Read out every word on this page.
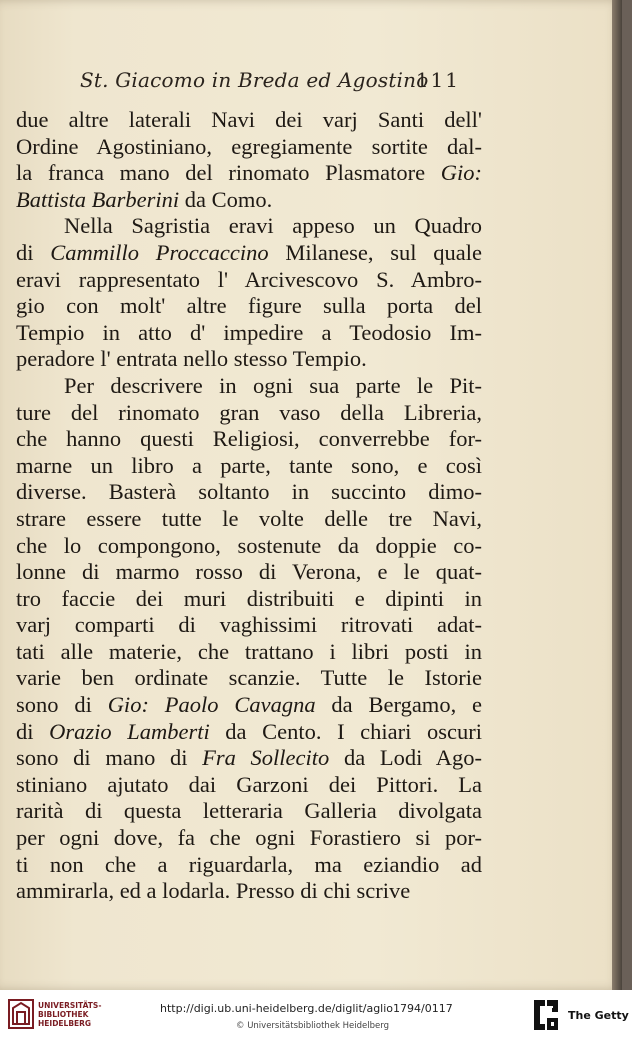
St. Giacomo in Breda ed Agostino
111
due altre laterali Navi dei varj Santi dell'
Ordine Agostiniano, egregiamente sortite dal-
la franca mano del rinomato Plasmatore Gio:
Battista Barberini da Como.
Nella Sagristia eravi appeso un Quadro
di Cammillo Proccaccino Milanese, sul quale
eravi rappresentato l' Arcivescovo S. Ambro-
gio con molt' altre figure sulla porta del
Tempio in atto d' impedire a Teodosio Im-
peradore l' entrata nello stesso Tempio.
Per descrivere in ogni sua parte le Pit-
ture del rinomato gran vaso della Libreria,
che hanno questi Religiosi, converrebbe for-
marne un libro a parte, tante sono, e così
diverse. Basterà soltanto in succinto dimo-
strare essere tutte le volte delle tre Navi,
che lo compongono, sostenute da doppie co-
lonne di marmo rosso di Verona, e le quat-
tro faccie dei muri distribuiti e dipinti in
varj comparti di vaghissimi ritrovati adat-
tati alle materie, che trattano i libri posti in
varie ben ordinate scanzie. Tutte le Istorie
sono di Gio: Paolo Cavagna da Bergamo, e
di Orazio Lamberti da Cento. I chiari oscuri
sono di mano di Fra Sollecito da Lodi Ago-
stiniano ajutato dai Garzoni dei Pittori. La
rarità di questa letteraria Galleria divolgata
per ogni dove, fa che ogni Forastiero si por-
ti non che a riguardarla, ma eziandio ad
ammirarla, ed a lodarla. Presso di chi scrive
UNIVERSITÄTS-
BIBLIOTHEK
HEIDELBERG
http://digi.ub.uni-heidelberg.de/diglit/aglio1794/0117
© Universitätsbibliothek Heidelberg
The Getty
